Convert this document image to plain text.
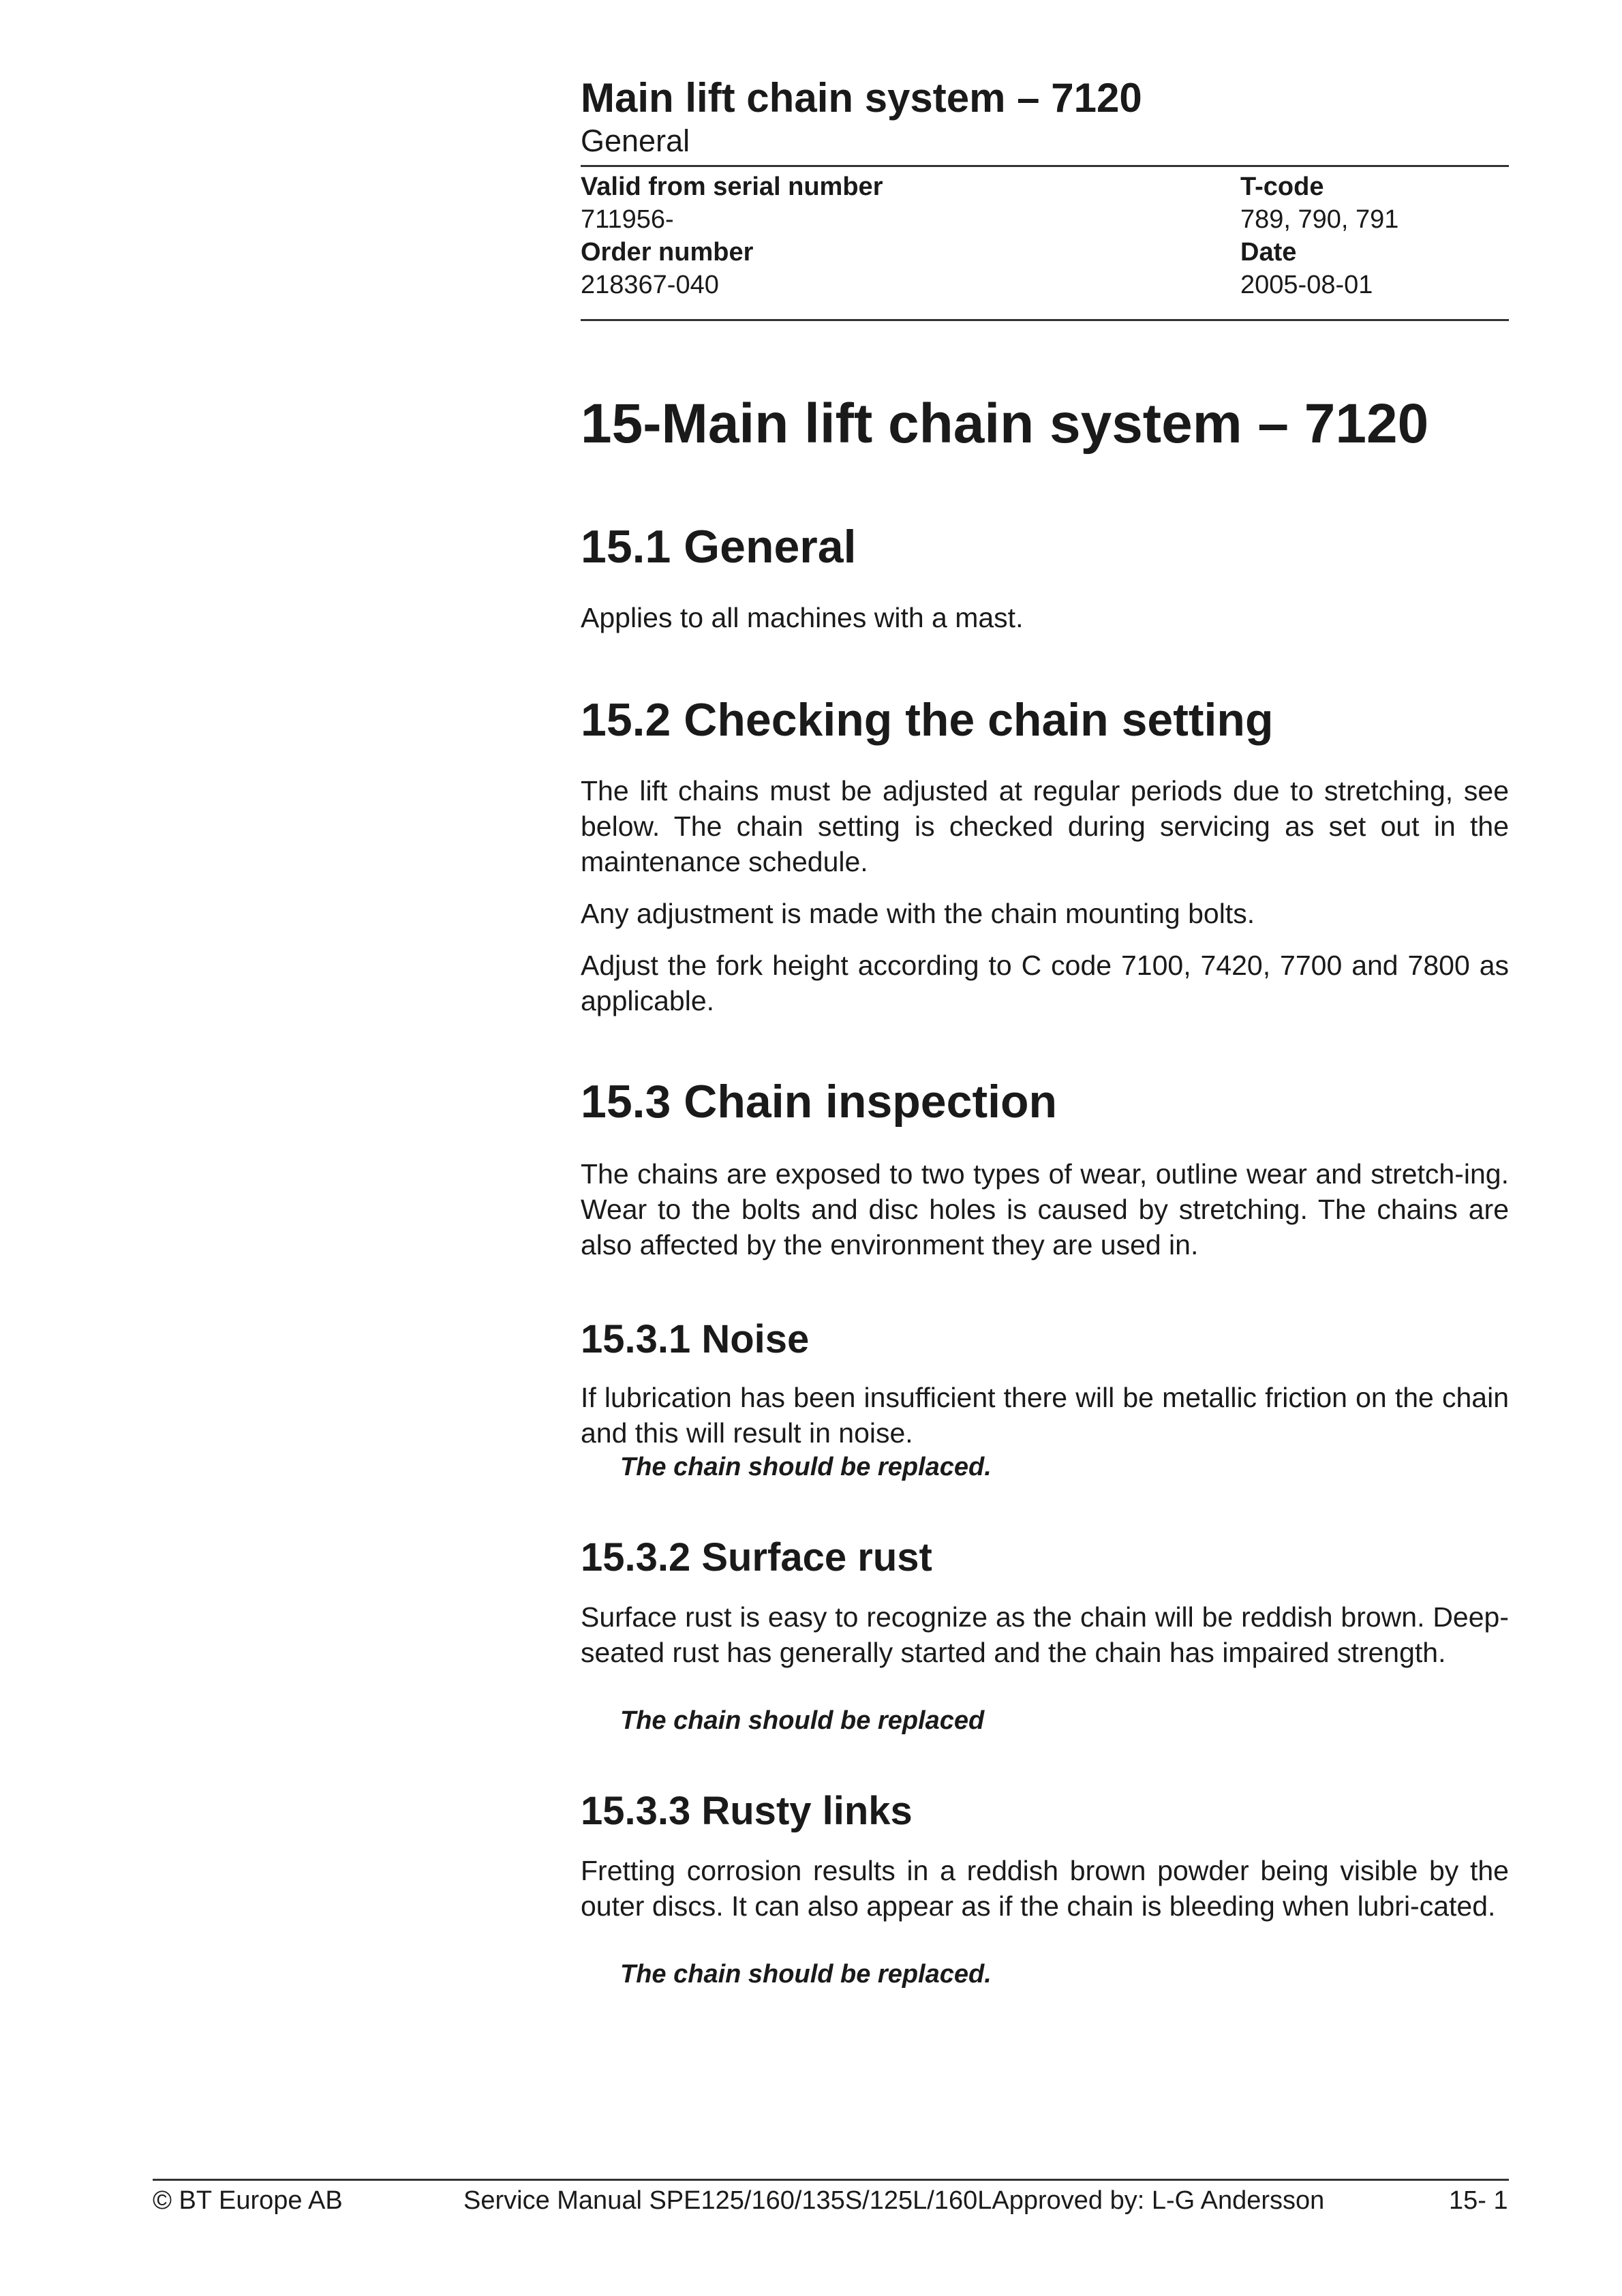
Main lift chain system – 7120
General
Valid from serial number
711956-
Order number
218367-040
T-code
789, 790, 791
Date
2005-08-01
15-Main lift chain system – 7120
15.1 General

Applies to all machines with a mast.

15.2 Checking the chain setting

The lift chains must be adjusted at regular periods due to stretching, see below. The chain setting is checked during servicing as set out in the maintenance schedule.

Any adjustment is made with the chain mounting bolts.

Adjust the fork height according to C code 7100, 7420, 7700 and 7800 as applicable.

15.3 Chain inspection

The chains are exposed to two types of wear, outline wear and stretch-ing. Wear to the bolts and disc holes is caused by stretching. The chains are also affected by the environment they are used in.

15.3.1 Noise

If lubrication has been insufficient there will be metallic friction on the chain and this will result in noise.

The chain should be replaced.

15.3.2 Surface rust

Surface rust is easy to recognize as the chain will be reddish brown. Deep-seated rust has generally started and the chain has impaired strength.

The chain should be replaced

15.3.3 Rusty links

Fretting corrosion results in a reddish brown powder being visible by the outer discs. It can also appear as if the chain is bleeding when lubri-cated.

The chain should be replaced.

© BT Europe AB	Service Manual SPE125/160/135S/125L/160LApproved by: L-G Andersson	15- 1
